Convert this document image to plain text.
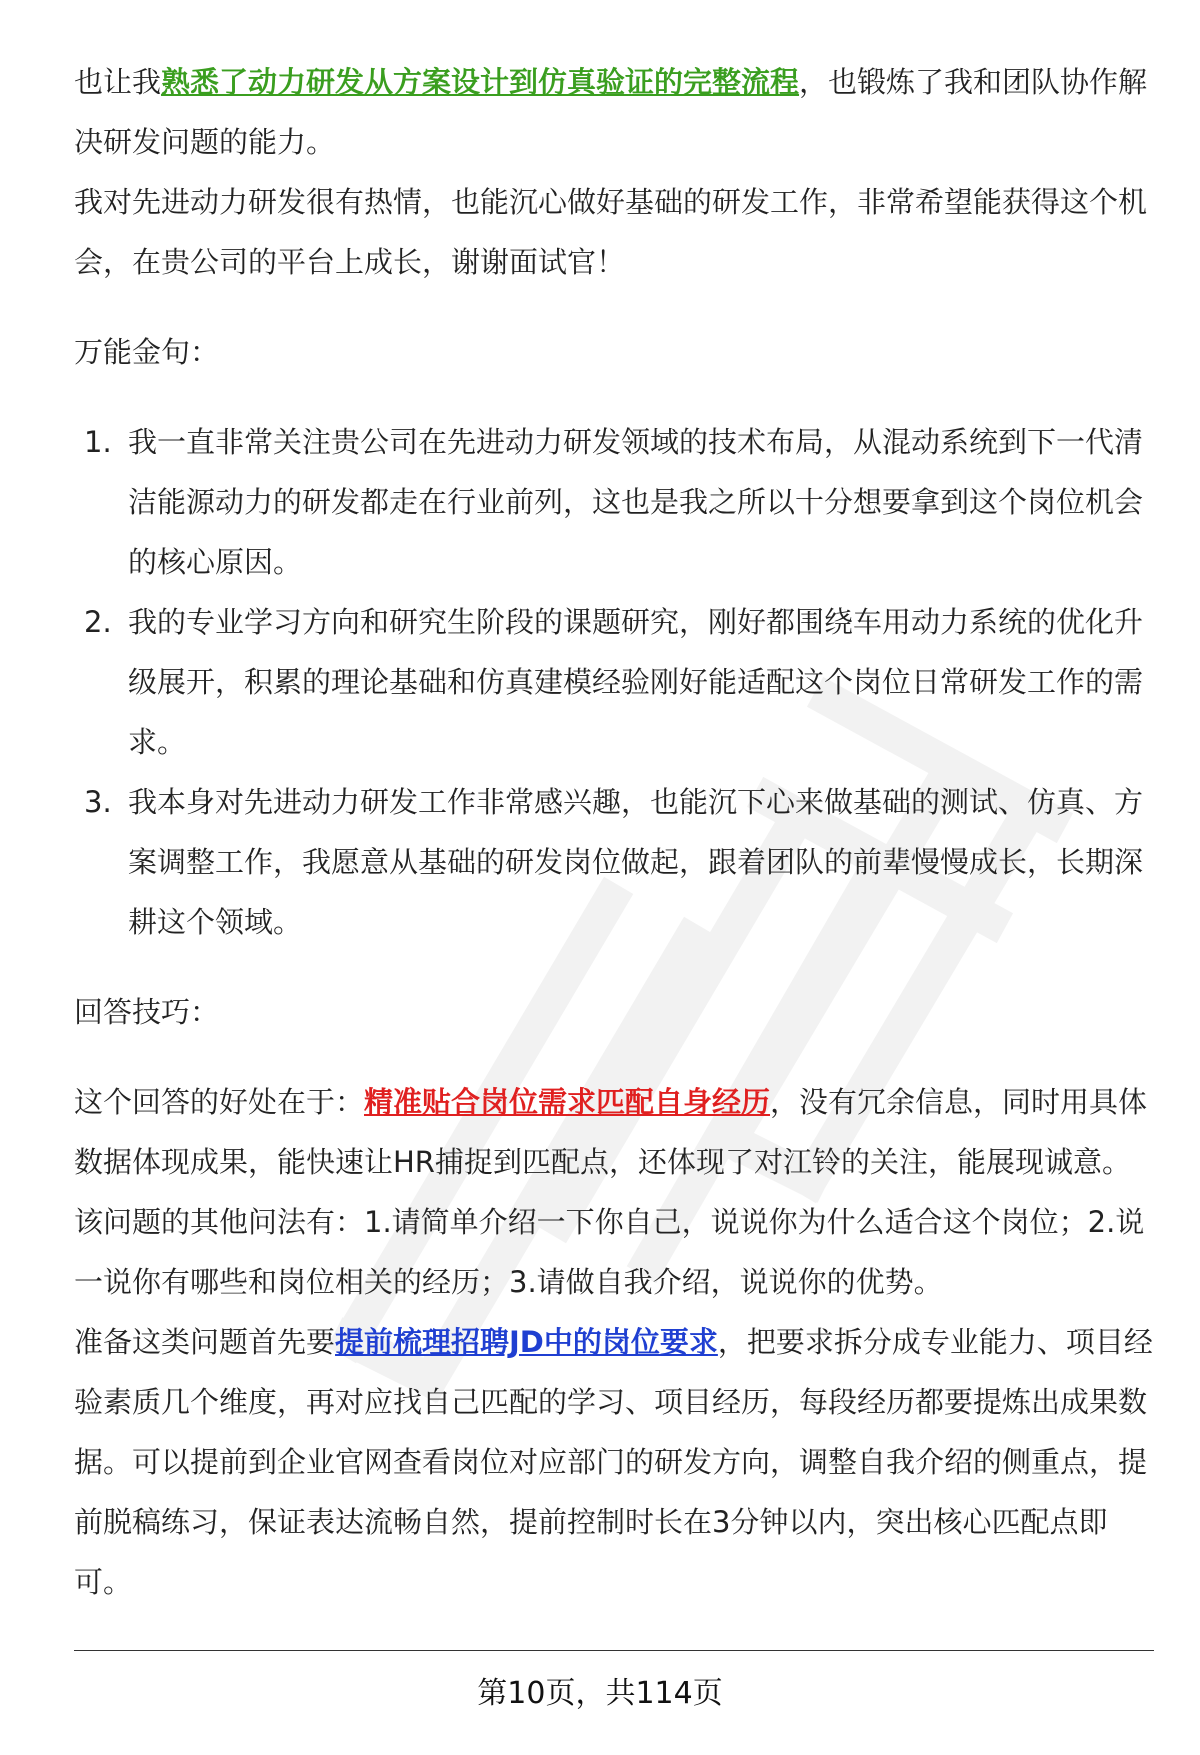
也让我熟悉了动力研发从方案设计到仿真验证的完整流程，也锻炼了我和团队协作解决研发问题的能力。

我对先进动力研发很有热情，也能沉心做好基础的研发工作，非常希望能获得这个机会，在贵公司的平台上成长，谢谢面试官！

万能金句：

1. 我一直非常关注贵公司在先进动力研发领域的技术布局，从混动系统到下一代清洁能源动力的研发都走在行业前列，这也是我之所以十分想要拿到这个岗位机会的核心原因。
2. 我的专业学习方向和研究生阶段的课题研究，刚好都围绕车用动力系统的优化升级展开，积累的理论基础和仿真建模经验刚好能适配这个岗位日常研发工作的需求。
3. 我本身对先进动力研发工作非常感兴趣，也能沉下心来做基础的测试、仿真、方案调整工作，我愿意从基础的研发岗位做起，跟着团队的前辈慢慢成长，长期深耕这个领域。

回答技巧：

这个回答的好处在于：精准贴合岗位需求匹配自身经历，没有冗余信息，同时用具体数据体现成果，能快速让HR捕捉到匹配点，还体现了对江铃的关注，能展现诚意。该问题的其他问法有：1.请简单介绍一下你自己，说说你为什么适合这个岗位；2.说一说你有哪些和岗位相关的经历；3.请做自我介绍，说说你的优势。

准备这类问题首先要提前梳理招聘JD中的岗位要求，把要求拆分成专业能力、项目经验素质几个维度，再对应找自己匹配的学习、项目经历，每段经历都要提炼出成果数据。可以提前到企业官网查看岗位对应部门的研发方向，调整自我介绍的侧重点，提前脱稿练习，保证表达流畅自然，提前控制时长在3分钟以内，突出核心匹配点即可。

第10页，共114页
